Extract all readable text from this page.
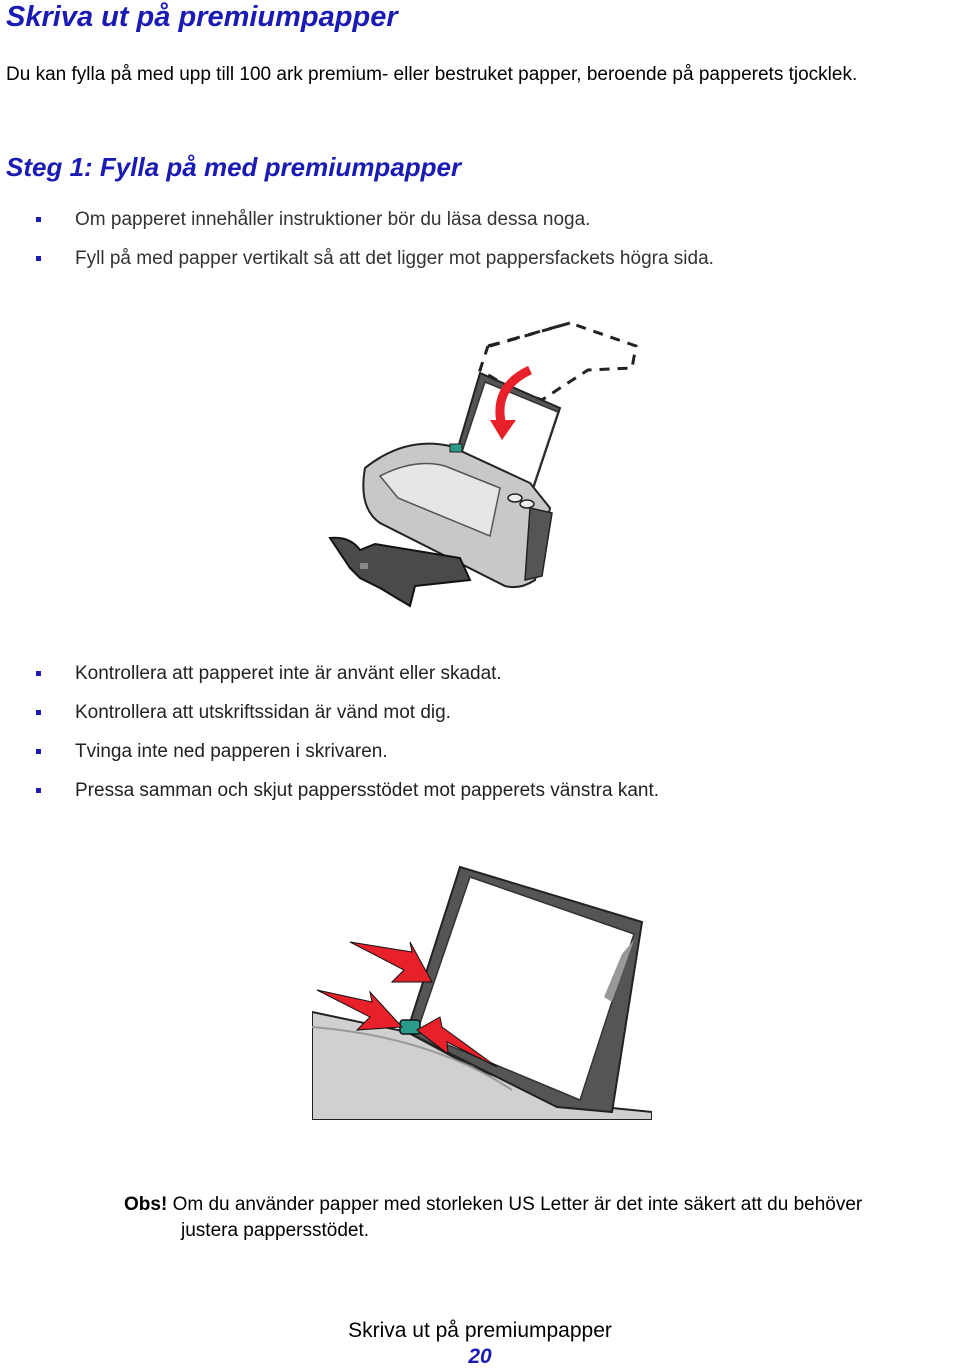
Skriva ut på premiumpapper

Du kan fylla på med upp till 100 ark premium- eller bestruket papper, beroende på papperets tjocklek.

Steg 1: Fylla på med premiumpapper
Om papperet innehåller instruktioner bör du läsa dessa noga.
Fyll på med papper vertikalt så att det ligger mot pappersfackets högra sida.
Kontrollera att papperet inte är använt eller skadat.
Kontrollera att utskriftssidan är vänd mot dig.
Tvinga inte ned papperen i skrivaren.
Pressa samman och skjut pappersstödet mot papperets vänstra kant.
Obs! Om du använder papper med storleken US Letter är det inte säkert att du behöver
justera pappersstödet.
Skriva ut på premiumpapper
20
